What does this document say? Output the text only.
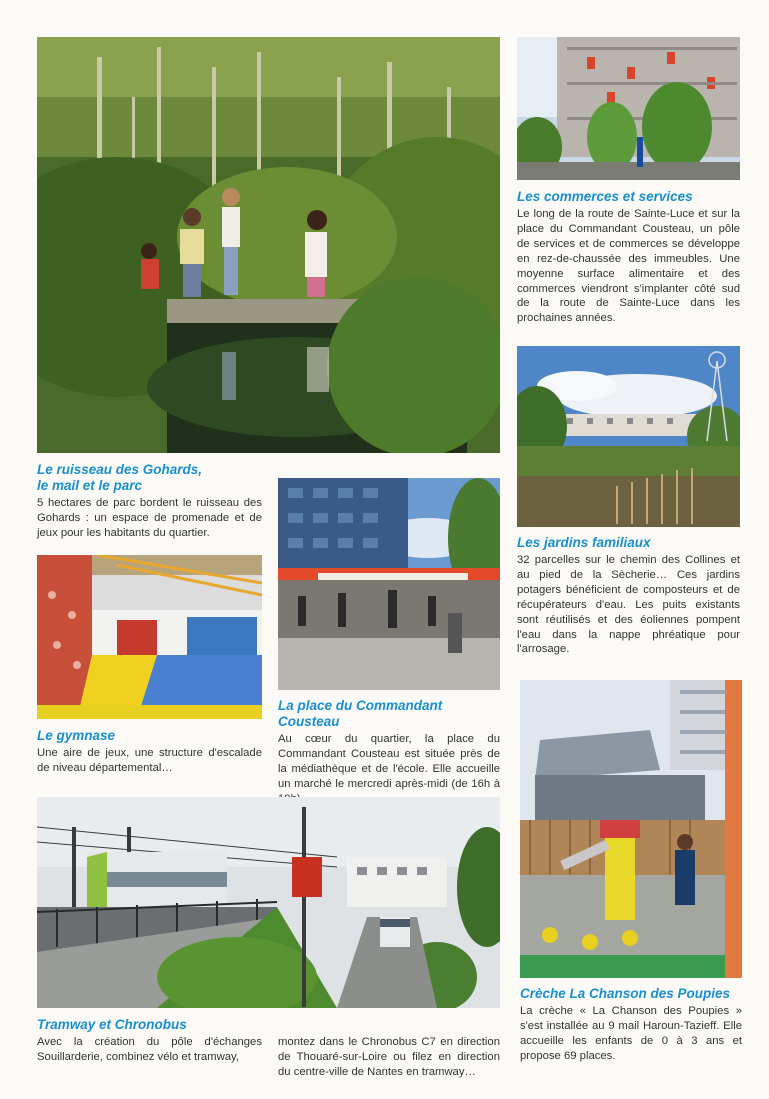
Les commerces et services

Le long de la route de Sainte-Luce et sur la place du Commandant Cousteau, un pôle de services et de commerces se développe en rez-de-chaussée des immeubles. Une moyenne surface alimentaire et des commerces viendront s'implanter côté sud de la route de Sainte-Luce dans les prochaines années.

Les jardins familiaux

32 parcelles sur le chemin des Collines et au pied de la Sècherie… Ces jardins potagers bénéficient de composteurs et de récupérateurs d'eau. Les puits existants sont réutilisés et des éoliennes pompent l'eau dans la nappe phréatique pour l'arrosage.

Le ruisseau des Gohards,
le mail et le parc

5 hectares de parc bordent le ruisseau des Gohards : un espace de promenade et de jeux pour les habitants du quartier.

Le gymnase

Une aire de jeux, une structure d'escalade de niveau départemental…

La place du Commandant Cousteau

Au cœur du quartier, la place du Commandant Cousteau est située près de la médiathèque et de l'école. Elle accueille un marché le mercredi après-midi (de 16h à

Tramway et Chronobus

Avec la création du pôle d'échanges Souillarderie, combinez vélo et tramway,

montez dans le Chronobus C7 en direction de Thouaré-sur-Loire ou filez en direction du centre-ville de Nantes en tramway…

Crèche La Chanson des Poupies

La crèche « La Chanson des Poupies » s'est installée au 9 mail Haroun-Tazieff. Elle accueille les enfants de 0 à 3 ans et propose 69 places.
